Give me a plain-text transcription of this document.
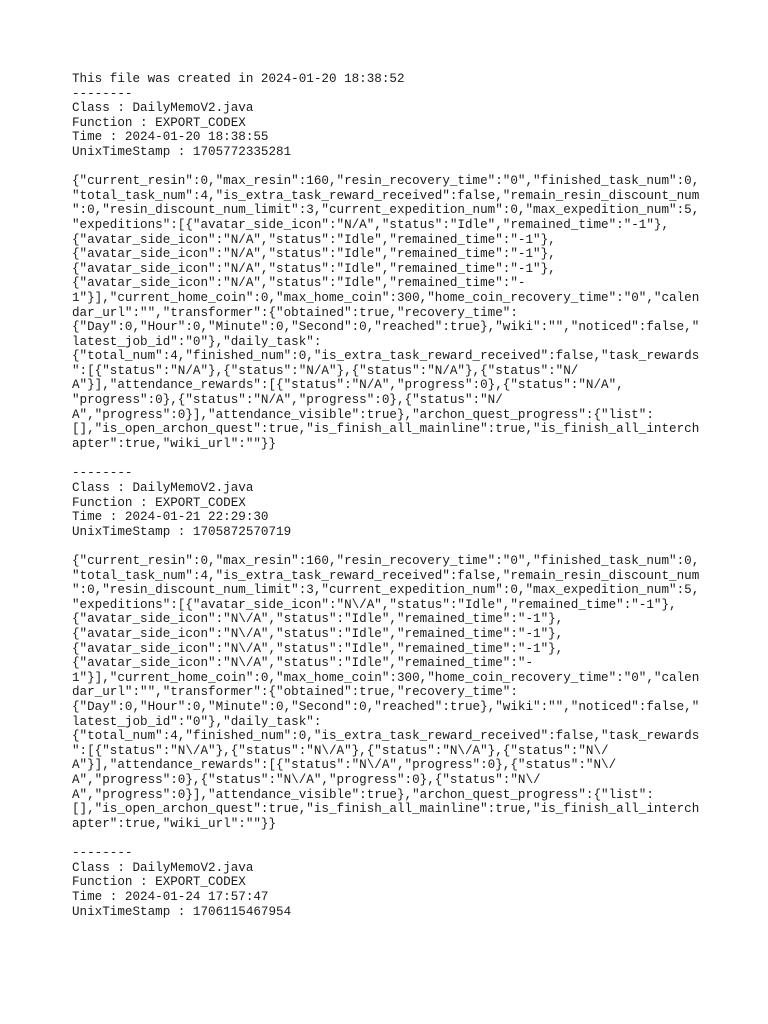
This file was created in 2024-01-20 18:38:52
--------
Class : DailyMemoV2.java
Function : EXPORT_CODEX
Time : 2024-01-20 18:38:55
UnixTimeStamp : 1705772335281
{"current_resin":0,"max_resin":160,"resin_recovery_time":"0","finished_task_num":0,
"total_task_num":4,"is_extra_task_reward_received":false,"remain_resin_discount_num
":0,"resin_discount_num_limit":3,"current_expedition_num":0,"max_expedition_num":5,
"expeditions":[{"avatar_side_icon":"N/A","status":"Idle","remained_time":"-1"},
{"avatar_side_icon":"N/A","status":"Idle","remained_time":"-1"},
{"avatar_side_icon":"N/A","status":"Idle","remained_time":"-1"},
{"avatar_side_icon":"N/A","status":"Idle","remained_time":"-1"},
{"avatar_side_icon":"N/A","status":"Idle","remained_time":"-
1"}],"current_home_coin":0,"max_home_coin":300,"home_coin_recovery_time":"0","calen
dar_url":"","transformer":{"obtained":true,"recovery_time":
{"Day":0,"Hour":0,"Minute":0,"Second":0,"reached":true},"wiki":"","noticed":false,"
latest_job_id":"0"},"daily_task":
{"total_num":4,"finished_num":0,"is_extra_task_reward_received":false,"task_rewards
":[{"status":"N/A"},{"status":"N/A"},{"status":"N/A"},{"status":"N/
A"}],"attendance_rewards":[{"status":"N/A","progress":0},{"status":"N/A",
"progress":0},{"status":"N/A","progress":0},{"status":"N/
A","progress":0}],"attendance_visible":true},"archon_quest_progress":{"list":
[],"is_open_archon_quest":true,"is_finish_all_mainline":true,"is_finish_all_interch
apter":true,"wiki_url":""}}
--------
Class : DailyMemoV2.java
Function : EXPORT_CODEX
Time : 2024-01-21 22:29:30
UnixTimeStamp : 1705872570719
{"current_resin":0,"max_resin":160,"resin_recovery_time":"0","finished_task_num":0,
"total_task_num":4,"is_extra_task_reward_received":false,"remain_resin_discount_num
":0,"resin_discount_num_limit":3,"current_expedition_num":0,"max_expedition_num":5,
"expeditions":[{"avatar_side_icon":"N\/A","status":"Idle","remained_time":"-1"},
{"avatar_side_icon":"N\/A","status":"Idle","remained_time":"-1"},
{"avatar_side_icon":"N\/A","status":"Idle","remained_time":"-1"},
{"avatar_side_icon":"N\/A","status":"Idle","remained_time":"-1"},
{"avatar_side_icon":"N\/A","status":"Idle","remained_time":"-
1"}],"current_home_coin":0,"max_home_coin":300,"home_coin_recovery_time":"0","calen
dar_url":"","transformer":{"obtained":true,"recovery_time":
{"Day":0,"Hour":0,"Minute":0,"Second":0,"reached":true},"wiki":"","noticed":false,"
latest_job_id":"0"},"daily_task":
{"total_num":4,"finished_num":0,"is_extra_task_reward_received":false,"task_rewards
":[{"status":"N\/A"},{"status":"N\/A"},{"status":"N\/A"},{"status":"N\/
A"}],"attendance_rewards":[{"status":"N\/A","progress":0},{"status":"N\/
A","progress":0},{"status":"N\/A","progress":0},{"status":"N\/
A","progress":0}],"attendance_visible":true},"archon_quest_progress":{"list":
[],"is_open_archon_quest":true,"is_finish_all_mainline":true,"is_finish_all_interch
apter":true,"wiki_url":""}}
--------
Class : DailyMemoV2.java
Function : EXPORT_CODEX
Time : 2024-01-24 17:57:47
UnixTimeStamp : 1706115467954
